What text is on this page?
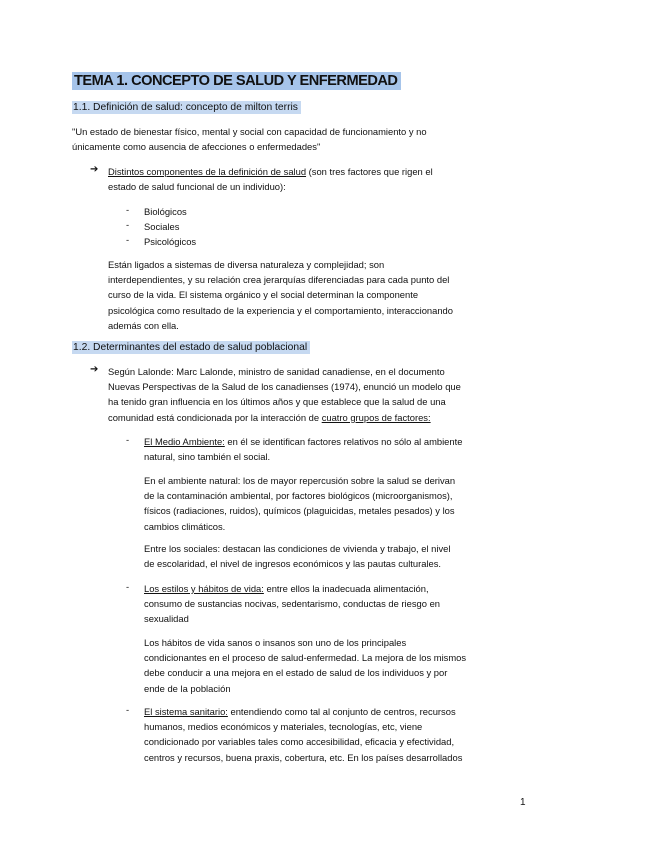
TEMA 1. CONCEPTO DE SALUD Y ENFERMEDAD
1.1. Definición de salud: concepto de milton terris
"Un estado de bienestar físico, mental y social con capacidad de funcionamiento y no
únicamente como ausencia de afecciones o enfermedades"
➔ Distintos componentes de la definición de salud (son tres factores que rigen el
estado de salud funcional de un individuo):
- Biológicos
- Sociales
- Psicológicos
Están ligados a sistemas de diversa naturaleza y complejidad; son
interdependientes, y su relación crea jerarquías diferenciadas para cada punto del
curso de la vida. El sistema orgánico y el social determinan la componente
psicológica como resultado de la experiencia y el comportamiento, interaccionando
además con ella.
1.2. Determinantes del estado de salud poblacional
➔ Según Lalonde: Marc Lalonde, ministro de sanidad canadiense, en el documento
Nuevas Perspectivas de la Salud de los canadienses (1974), enunció un modelo que
ha tenido gran influencia en los últimos años y que establece que la salud de una
comunidad está condicionada por la interacción de cuatro grupos de factores:
- El Medio Ambiente: en él se identifican factores relativos no sólo al ambiente
natural, sino también el social.
En el ambiente natural: los de mayor repercusión sobre la salud se derivan
de la contaminación ambiental, por factores biológicos (microorganismos),
físicos (radiaciones, ruidos), químicos (plaguicidas, metales pesados) y los
cambios climáticos.
Entre los sociales: destacan las condiciones de vivienda y trabajo, el nivel
de escolaridad, el nivel de ingresos económicos y las pautas culturales.
- Los estilos y hábitos de vida: entre ellos la inadecuada alimentación,
consumo de sustancias nocivas, sedentarismo, conductas de riesgo en
sexualidad
Los hábitos de vida sanos o insanos son uno de los principales
condicionantes en el proceso de salud-enfermedad. La mejora de los mismos
debe conducir a una mejora en el estado de salud de los individuos y por
ende de la población
- El sistema sanitario: entendiendo como tal al conjunto de centros, recursos
humanos, medios económicos y materiales, tecnologías, etc, viene
condicionado por variables tales como accesibilidad, eficacia y efectividad,
centros y recursos, buena praxis, cobertura, etc. En los países desarrollados
1
